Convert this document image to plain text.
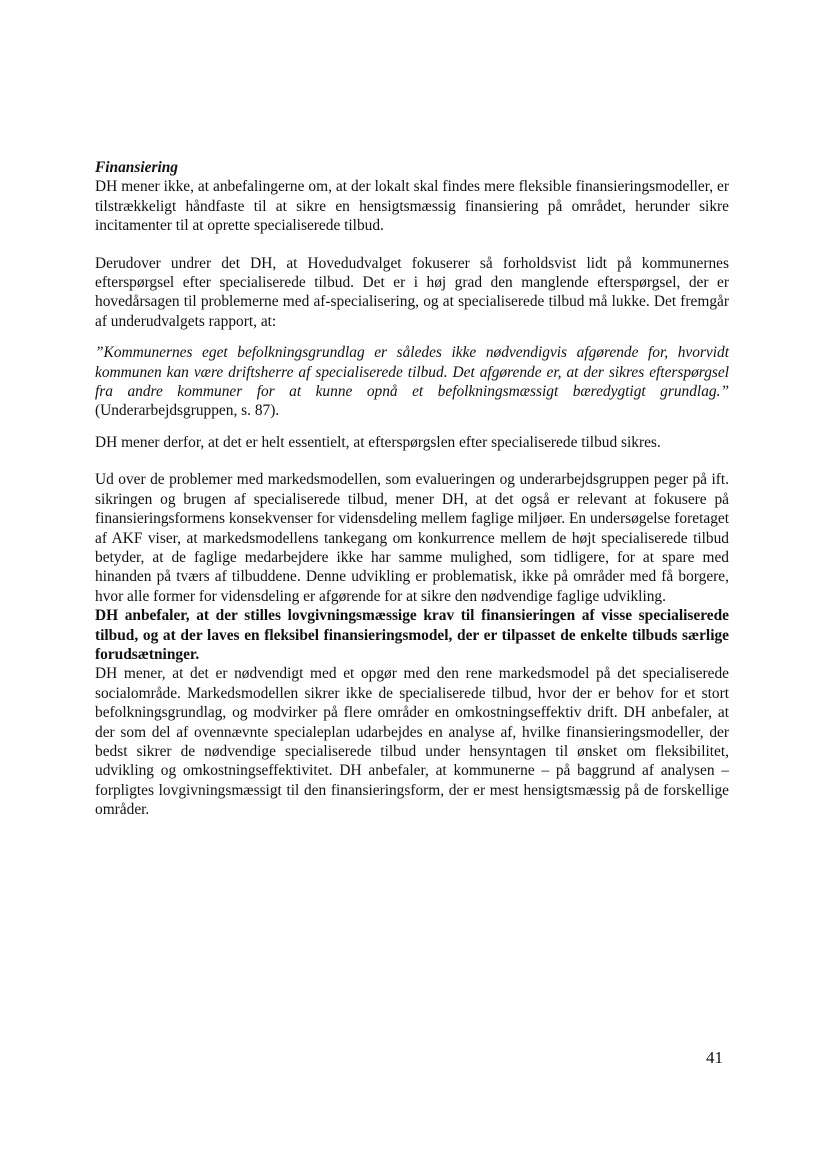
Finansiering

DH mener ikke, at anbefalingerne om, at der lokalt skal findes mere fleksible finansieringsmodeller, er tilstrækkeligt håndfaste til at sikre en hensigtsmæssig finansiering på området, herunder sikre incitamenter til at oprette specialiserede tilbud.

Derudover undrer det DH, at Hovedudvalget fokuserer så forholdsvist lidt på kommunernes efterspørgsel efter specialiserede tilbud. Det er i høj grad den manglende efterspørgsel, der er hovedårsagen til problemerne med af-specialisering, og at specialiserede tilbud må lukke. Det fremgår af underudvalgets rapport, at:

”Kommunernes eget befolkningsgrundlag er således ikke nødvendigvis afgørende for, hvorvidt kommunen kan være driftsherre af specialiserede tilbud. Det afgørende er, at der sikres efterspørgsel fra andre kommuner for at kunne opnå et befolkningsmæssigt bæredygtigt grundlag.” (Underarbejdsgruppen, s. 87).

DH mener derfor, at det er helt essentielt, at efterspørgslen efter specialiserede tilbud sikres.

Ud over de problemer med markedsmodellen, som evalueringen og underarbejdsgruppen peger på ift. sikringen og brugen af specialiserede tilbud, mener DH, at det også er relevant at fokusere på finansieringsformens konsekvenser for vidensdeling mellem faglige miljøer. En undersøgelse foretaget af AKF viser, at markedsmodellens tankegang om konkurrence mellem de højt specialiserede tilbud betyder, at de faglige medarbejdere ikke har samme mulighed, som tidligere, for at spare med hinanden på tværs af tilbuddene. Denne udvikling er problematisk, ikke på områder med få borgere, hvor alle former for vidensdeling er afgørende for at sikre den nødvendige faglige udvikling.

DH anbefaler, at der stilles lovgivningsmæssige krav til finansieringen af visse specialiserede tilbud, og at der laves en fleksibel finansieringsmodel, der er tilpasset de enkelte tilbuds særlige forudsætninger.

DH mener, at det er nødvendigt med et opgør med den rene markedsmodel på det specialiserede socialområde. Markedsmodellen sikrer ikke de specialiserede tilbud, hvor der er behov for et stort befolkningsgrundlag, og modvirker på flere områder en omkostningseffektiv drift. DH anbefaler, at der som del af ovennævnte specialeplan udarbejdes en analyse af, hvilke finansieringsmodeller, der bedst sikrer de nødvendige specialiserede tilbud under hensyntagen til ønsket om fleksibilitet, udvikling og omkostningseffektivitet. DH anbefaler, at kommunerne – på baggrund af analysen – forpligtes lovgivningsmæssigt til den finansieringsform, der er mest hensigtsmæssig på de forskellige områder.

41
